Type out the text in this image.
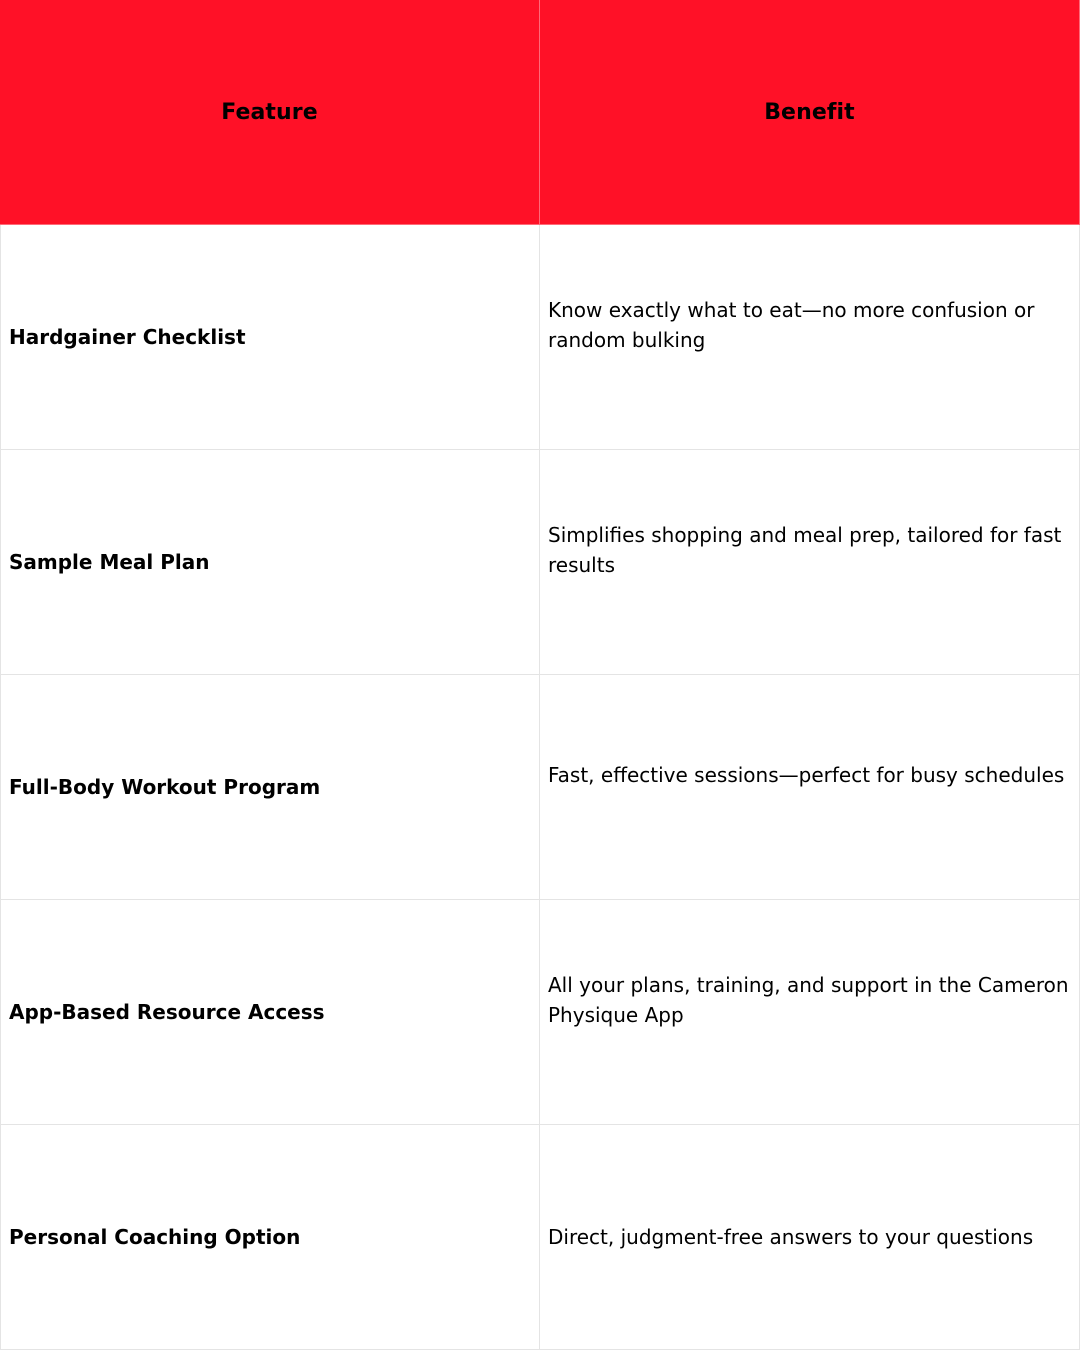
Feature	Benefit
Hardgainer Checklist
Know exactly what to eat—no more confusion or random bulking
Sample Meal Plan
Simplifies shopping and meal prep, tailored for fast results
Full-Body Workout Program
Fast, effective sessions—perfect for busy schedules
App-Based Resource Access
All your plans, training, and support in the Cameron Physique App
Personal Coaching Option	Direct, judgment-free answers to your questions
